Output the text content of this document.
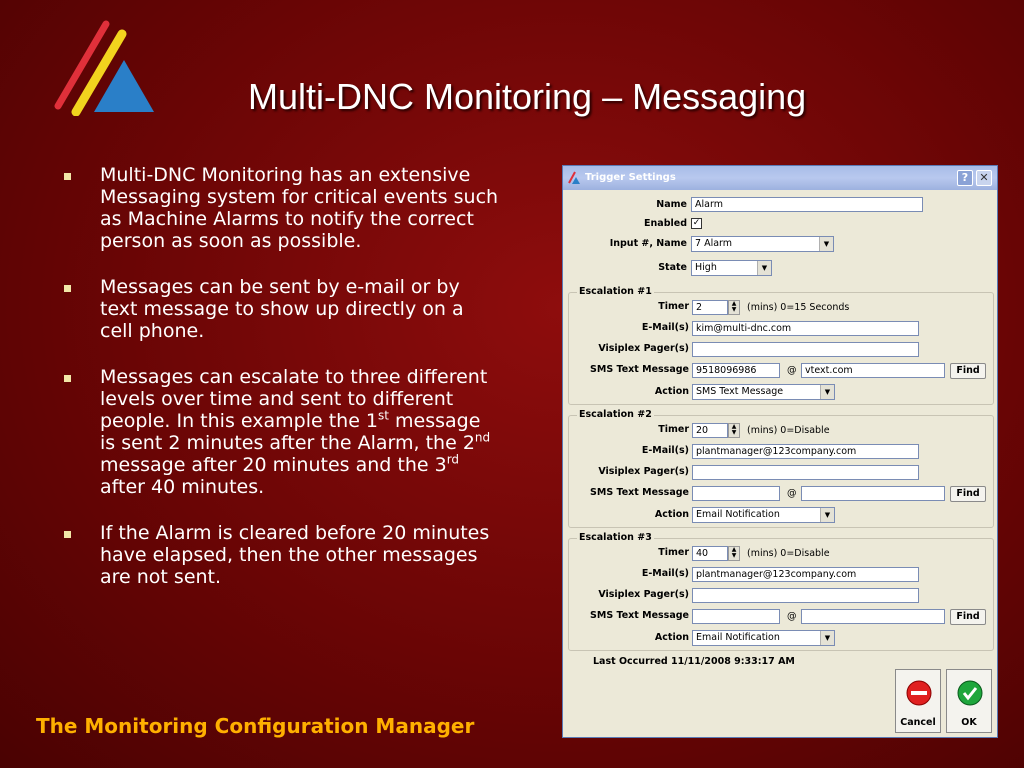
Multi-DNC Monitoring – Messaging
Multi-DNC Monitoring has an extensive Messaging system for critical events such as Machine Alarms to notify the correct person as soon as possible.
Messages can be sent by e-mail or by text message to show up directly on a cell phone.
Messages can escalate to three different levels over time and sent to different people. In this example the 1st message is sent 2 minutes after the Alarm, the 2nd message after 20 minutes and the 3rd after 40 minutes.
If the Alarm is cleared before 20 minutes have elapsed, then the other messages are not sent.
The Monitoring Configuration Manager
Trigger Settings	?	✕
Name Alarm
Enabled ✓
Input #, Name 7 Alarm	▼
State High	▼
Escalation #1
Timer 2	▲
▼	(mins) 0=15 Seconds
E-Mail(s) kim@multi-dnc.com
Visiplex Pager(s)
SMS Text Message 9518096986	@ vtext.com	Find
Action SMS Text Message	▼
Escalation #2
Timer 20	▲
▼	(mins) 0=Disable
E-Mail(s) plantmanager@123company.com
Visiplex Pager(s)
SMS Text Message	@	Find
Action Email Notification	▼
Escalation #3
Timer 40	▲
▼	(mins) 0=Disable
E-Mail(s) plantmanager@123company.com
Visiplex Pager(s)
SMS Text Message	@	Find
Action Email Notification	▼
Last Occurred 11/11/2008 9:33:17 AM
Cancel	OK
